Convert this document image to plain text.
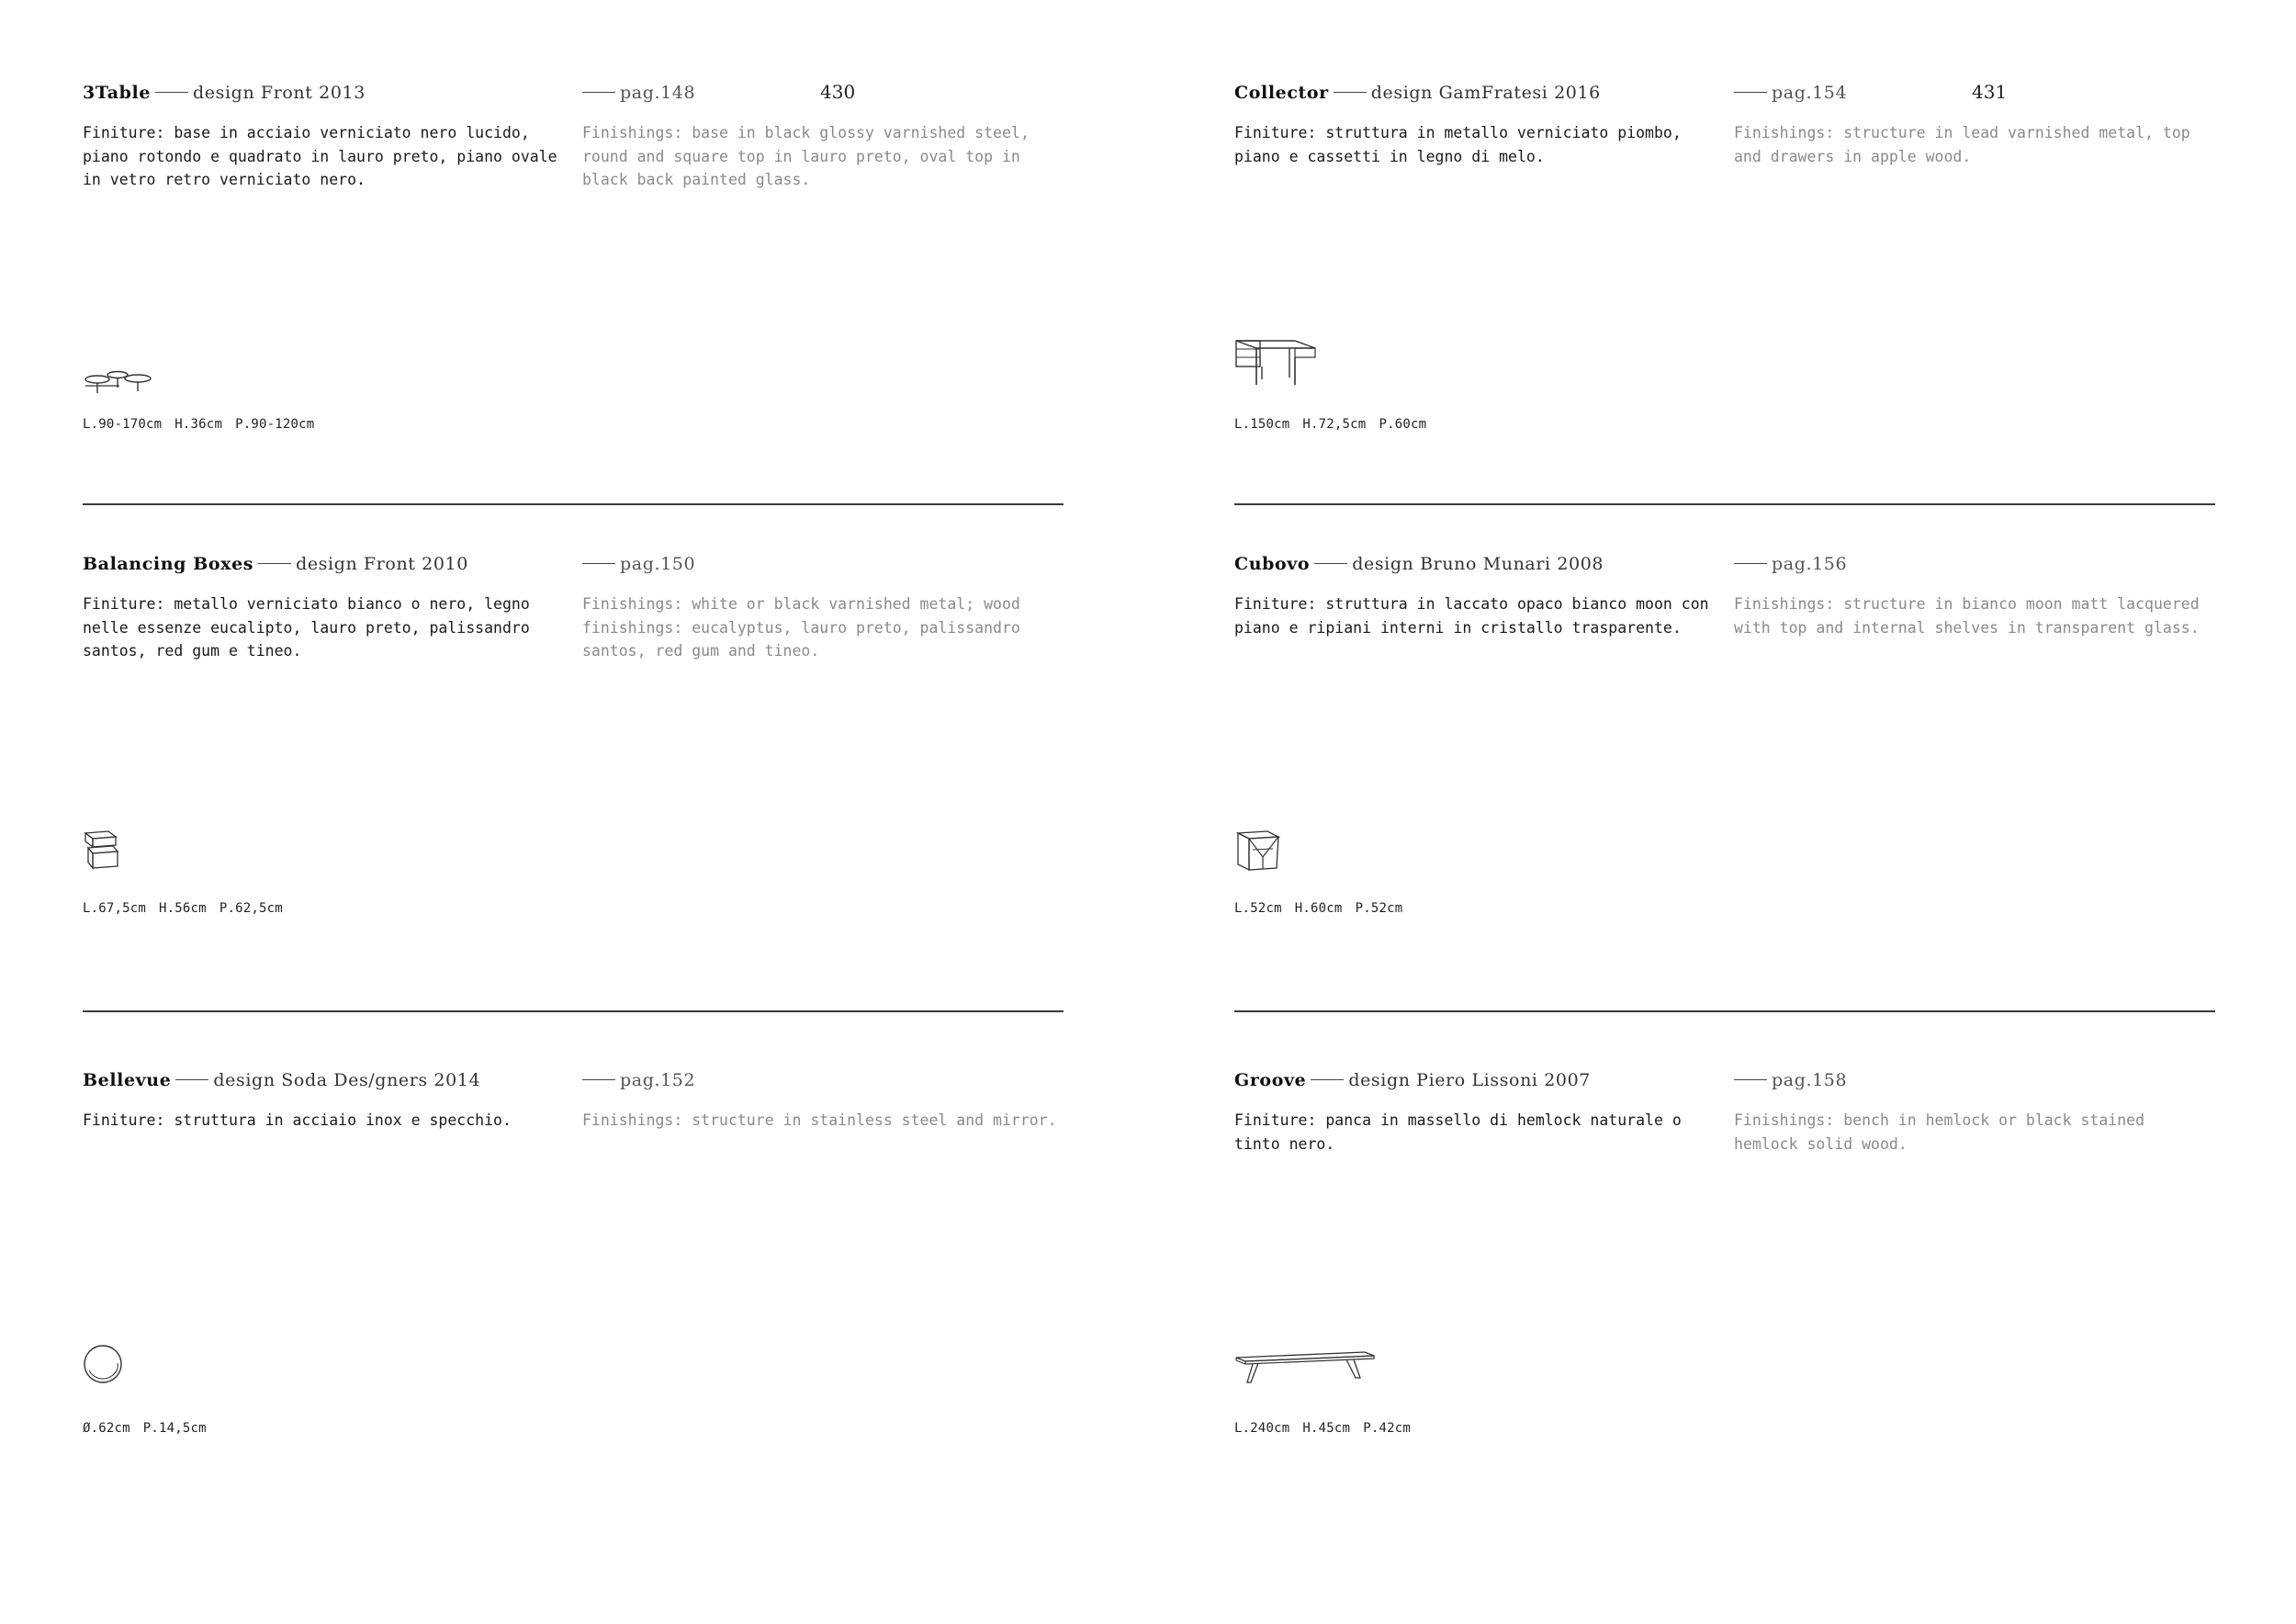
430	431
3Table design Front 2013	pag.148

Finiture: base in acciaio verniciato nero lucido, piano rotondo e quadrato in lauro preto, piano ovale in vetro retro verniciato nero.

Finishings: base in black glossy varnished steel, round and square top in lauro preto, oval top in black back painted glass.

L.90-170cm H.36cm P.90-120cm
Collector design GamFratesi 2016	pag.154

Finiture: struttura in metallo verniciato piombo, piano e cassetti in legno di melo.

Finishings: structure in lead varnished metal, top and drawers in apple wood.

L.150cm H.72,5cm P.60cm
Balancing Boxes design Front 2010	pag.150

Finiture: metallo verniciato bianco o nero, legno nelle essenze eucalipto, lauro preto, palissandro santos, red gum e tineo.

Finishings: white or black varnished metal; wood finishings: eucalyptus, lauro preto, palissandro santos, red gum and tineo.

L.67,5cm H.56cm P.62,5cm
Cubovo design Bruno Munari 2008	pag.156

Finiture: struttura in laccato opaco bianco moon con piano e ripiani interni in cristallo trasparente.

Finishings: structure in bianco moon matt lacquered with top and internal shelves in transparent glass.

L.52cm H.60cm P.52cm
Bellevue design Soda Des/gners 2014	pag.152

Finiture: struttura in acciaio inox e specchio.	Finishings: structure in stainless steel and mirror.

Ø.62cm P.14,5cm
Groove design Piero Lissoni 2007	pag.158

Finiture: panca in massello di hemlock naturale o tinto nero.

Finishings: bench in hemlock or black stained hemlock solid wood.

L.240cm H.45cm P.42cm
